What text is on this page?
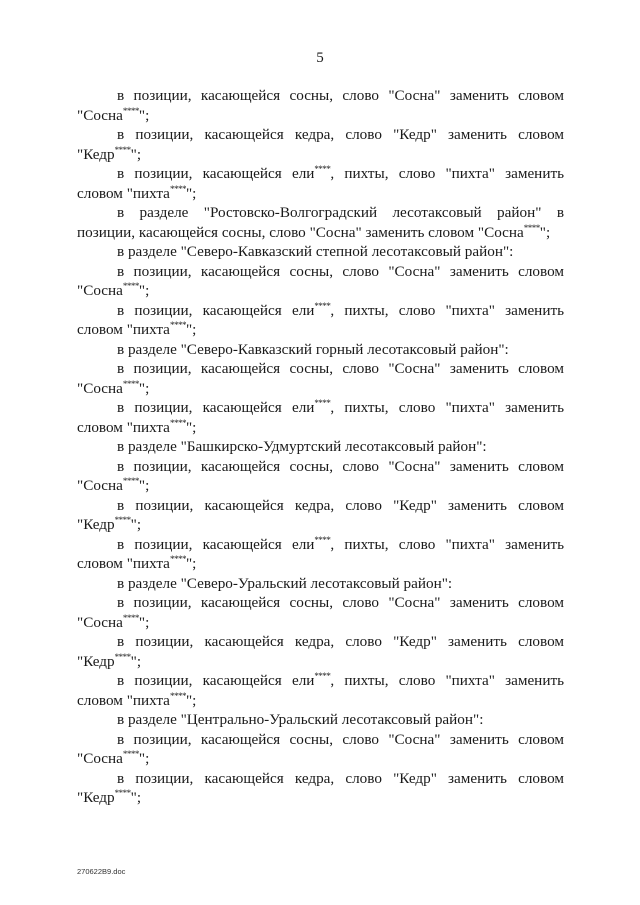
5

в позиции, касающейся сосны, слово "Сосна" заменить словом "Сосна****";

в позиции, касающейся кедра, слово "Кедр" заменить словом "Кедр****";

в позиции, касающейся ели****, пихты, слово "пихта" заменить словом "пихта****";

в разделе "Ростовско-Волгоградский лесотаксовый район" в позиции, касающейся сосны, слово "Сосна" заменить словом "Сосна****";

в разделе "Северо-Кавказский степной лесотаксовый район":

в позиции, касающейся сосны, слово "Сосна" заменить словом "Сосна****";

в позиции, касающейся ели****, пихты, слово "пихта" заменить словом "пихта****";

в разделе "Северо-Кавказский горный лесотаксовый район":

в позиции, касающейся сосны, слово "Сосна" заменить словом "Сосна****";

в позиции, касающейся ели****, пихты, слово "пихта" заменить словом "пихта****";

в разделе "Башкирско-Удмуртский лесотаксовый район":

в позиции, касающейся сосны, слово "Сосна" заменить словом "Сосна****";

в позиции, касающейся кедра, слово "Кедр" заменить словом "Кедр****";

в позиции, касающейся ели****, пихты, слово "пихта" заменить словом "пихта****";

в разделе "Северо-Уральский лесотаксовый район":

в позиции, касающейся сосны, слово "Сосна" заменить словом "Сосна****";

в позиции, касающейся кедра, слово "Кедр" заменить словом "Кедр****";

в позиции, касающейся ели****, пихты, слово "пихта" заменить словом "пихта****";

в разделе "Центрально-Уральский лесотаксовый район":

в позиции, касающейся сосны, слово "Сосна" заменить словом "Сосна****";

в позиции, касающейся кедра, слово "Кедр" заменить словом "Кедр****";

270622В9.doc
